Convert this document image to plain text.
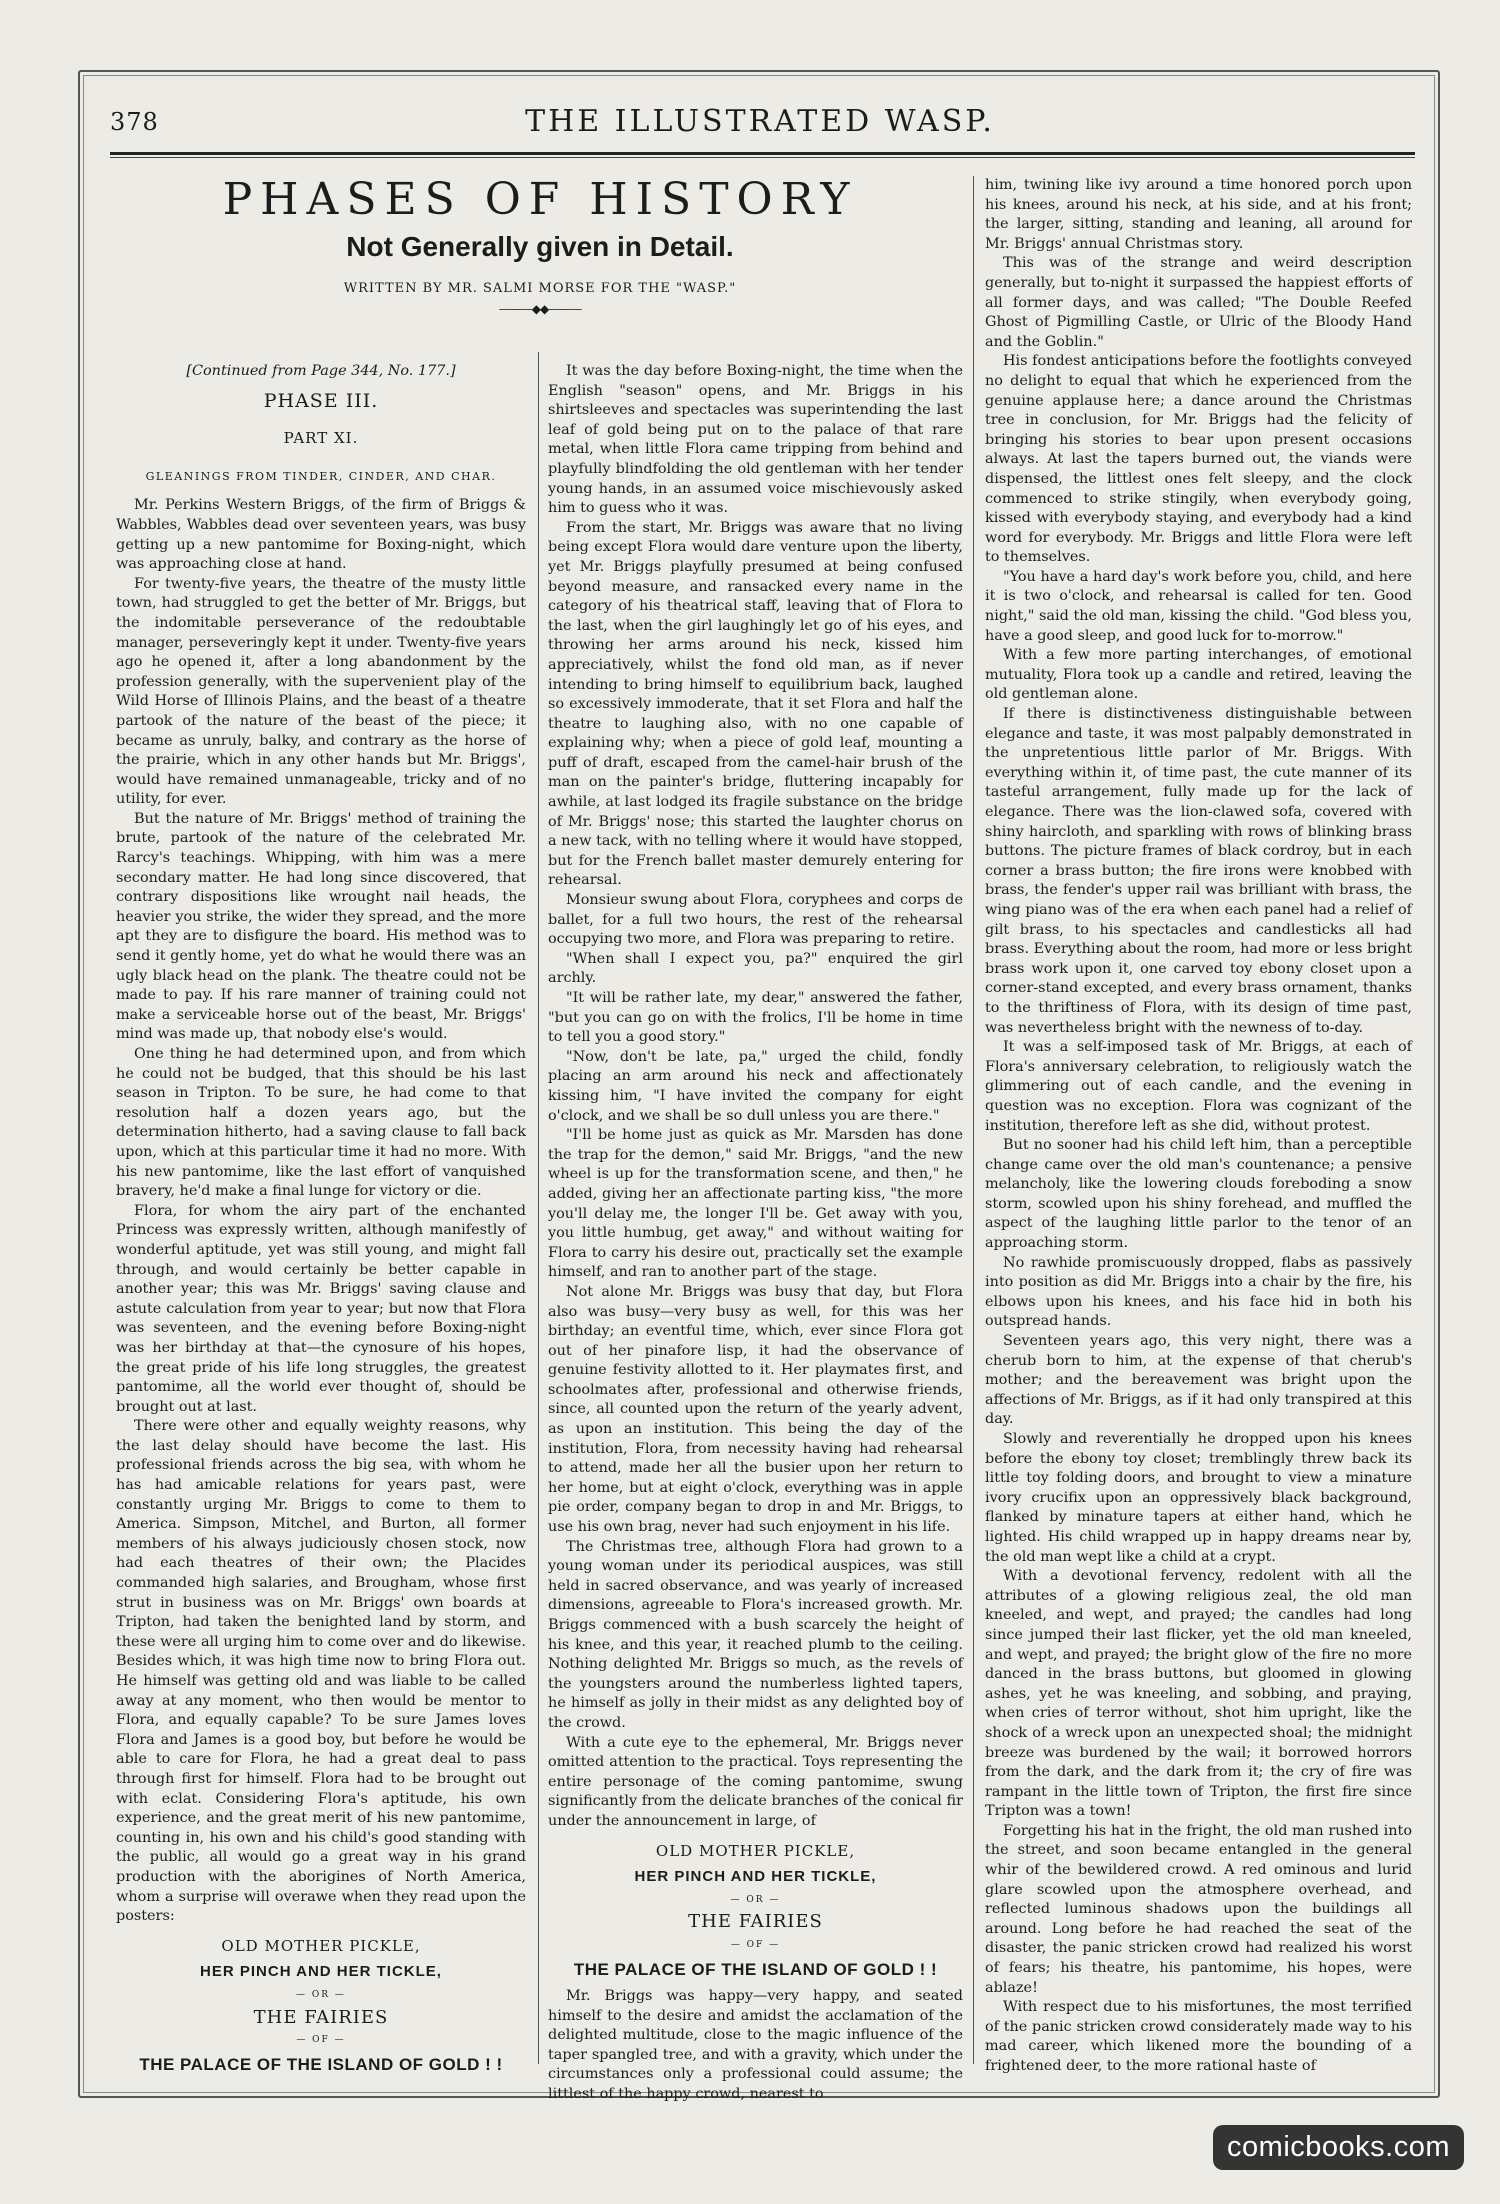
378	THE ILLUSTRATED WASP.
PHASES OF HISTORY
Not Generally given in Detail.
WRITTEN BY MR. SALMI MORSE FOR THE "WASP."
———◆◆———

[Continued from Page 344, No. 177.]

PHASE III.
PART XI.
GLEANINGS FROM TINDER, CINDER, AND CHAR.

Mr. Perkins Western Briggs, of the firm of Briggs & Wabbles, Wabbles dead over seventeen years, was busy getting up a new pantomime for Boxing-night, which was approaching close at hand.

For twenty-five years, the theatre of the musty little town, had struggled to get the better of Mr. Briggs, but the indomitable perseverance of the redoubtable manager, perseveringly kept it under. Twenty-five years ago he opened it, after a long abandonment by the profession generally, with the supervenient play of the Wild Horse of Illinois Plains, and the beast of a theatre partook of the nature of the beast of the piece; it became as unruly, balky, and contrary as the horse of the prairie, which in any other hands but Mr. Briggs', would have remained unmanageable, tricky and of no utility, for ever.

But the nature of Mr. Briggs' method of training the brute, partook of the nature of the celebrated Mr. Rarcy's teachings. Whipping, with him was a mere secondary matter. He had long since discovered, that contrary dispositions like wrought nail heads, the heavier you strike, the wider they spread, and the more apt they are to disfigure the board. His method was to send it gently home, yet do what he would there was an ugly black head on the plank. The theatre could not be made to pay. If his rare manner of training could not make a serviceable horse out of the beast, Mr. Briggs' mind was made up, that nobody else's would.

One thing he had determined upon, and from which he could not be budged, that this should be his last season in Tripton. To be sure, he had come to that resolution half a dozen years ago, but the determination hitherto, had a saving clause to fall back upon, which at this particular time it had no more. With his new pantomime, like the last effort of vanquished bravery, he'd make a final lunge for victory or die.

Flora, for whom the airy part of the enchanted Princess was expressly written, although manifestly of wonderful aptitude, yet was still young, and might fall through, and would certainly be better capable in another year; this was Mr. Briggs' saving clause and astute calculation from year to year; but now that Flora was seventeen, and the evening before Boxing-night was her birthday at that—the cynosure of his hopes, the great pride of his life long struggles, the greatest pantomime, all the world ever thought of, should be brought out at last.

There were other and equally weighty reasons, why the last delay should have become the last. His professional friends across the big sea, with whom he has had amicable relations for years past, were constantly urging Mr. Briggs to come to them to America. Simpson, Mitchel, and Burton, all former members of his always judiciously chosen stock, now had each theatres of their own; the Placides commanded high salaries, and Brougham, whose first strut in business was on Mr. Briggs' own boards at Tripton, had taken the benighted land by storm, and these were all urging him to come over and do likewise. Besides which, it was high time now to bring Flora out. He himself was getting old and was liable to be called away at any moment, who then would be mentor to Flora, and equally capable? To be sure James loves Flora and James is a good boy, but before he would be able to care for Flora, he had a great deal to pass through first for himself. Flora had to be brought out with eclat. Considering Flora's aptitude, his own experience, and the great merit of his new pantomime, counting in, his own and his child's good standing with the public, all would go a great way in his grand production with the aborigines of North America, whom a surprise will overawe when they read upon the posters:

OLD MOTHER PICKLE,
HER PINCH AND HER TICKLE,
— OR —
THE FAIRIES
— OF —
THE PALACE OF THE ISLAND OF GOLD ! !

It was the day before Boxing-night, the time when the English "season" opens, and Mr. Briggs in his shirtsleeves and spectacles was superintending the last leaf of gold being put on to the palace of that rare metal, when little Flora came tripping from behind and playfully blindfolding the old gentleman with her tender young hands, in an assumed voice mischievously asked him to guess who it was.

From the start, Mr. Briggs was aware that no living being except Flora would dare venture upon the liberty, yet Mr. Briggs playfully presumed at being confused beyond measure, and ransacked every name in the category of his theatrical staff, leaving that of Flora to the last, when the girl laughingly let go of his eyes, and throwing her arms around his neck, kissed him appreciatively, whilst the fond old man, as if never intending to bring himself to equilibrium back, laughed so excessively immoderate, that it set Flora and half the theatre to laughing also, with no one capable of explaining why; when a piece of gold leaf, mounting a puff of draft, escaped from the camel-hair brush of the man on the painter's bridge, fluttering incapably for awhile, at last lodged its fragile substance on the bridge of Mr. Briggs' nose; this started the laughter chorus on a new tack, with no telling where it would have stopped, but for the French ballet master demurely entering for rehearsal.

Monsieur swung about Flora, coryphees and corps de ballet, for a full two hours, the rest of the rehearsal occupying two more, and Flora was preparing to retire.

"When shall I expect you, pa?" enquired the girl archly.

"It will be rather late, my dear," answered the father, "but you can go on with the frolics, I'll be home in time to tell you a good story."

"Now, don't be late, pa," urged the child, fondly placing an arm around his neck and affectionately kissing him, "I have invited the company for eight o'clock, and we shall be so dull unless you are there."

"I'll be home just as quick as Mr. Marsden has done the trap for the demon," said Mr. Briggs, "and the new wheel is up for the transformation scene, and then," he added, giving her an affectionate parting kiss, "the more you'll delay me, the longer I'll be. Get away with you, you little humbug, get away," and without waiting for Flora to carry his desire out, practically set the example himself, and ran to another part of the stage.

Not alone Mr. Briggs was busy that day, but Flora also was busy—very busy as well, for this was her birthday; an eventful time, which, ever since Flora got out of her pinafore lisp, it had the observance of genuine festivity allotted to it. Her playmates first, and schoolmates after, professional and otherwise friends, since, all counted upon the return of the yearly advent, as upon an institution. This being the day of the institution, Flora, from necessity having had rehearsal to attend, made her all the busier upon her return to her home, but at eight o'clock, everything was in apple pie order, company began to drop in and Mr. Briggs, to use his own brag, never had such enjoyment in his life.

The Christmas tree, although Flora had grown to a young woman under its periodical auspices, was still held in sacred observance, and was yearly of increased dimensions, agreeable to Flora's increased growth. Mr. Briggs commenced with a bush scarcely the height of his knee, and this year, it reached plumb to the ceiling. Nothing delighted Mr. Briggs so much, as the revels of the youngsters around the numberless lighted tapers, he himself as jolly in their midst as any delighted boy of the crowd.

With a cute eye to the ephemeral, Mr. Briggs never omitted attention to the practical. Toys representing the entire personage of the coming pantomime, swung significantly from the delicate branches of the conical fir under the announcement in large, of

OLD MOTHER PICKLE,
HER PINCH AND HER TICKLE,
— OR —
THE FAIRIES
— OF —
THE PALACE OF THE ISLAND OF GOLD ! !

Mr. Briggs was happy—very happy, and seated himself to the desire and amidst the acclamation of the delighted multitude, close to the magic influence of the taper spangled tree, and with a gravity, which under the circumstances only a professional could assume; the littlest of the happy crowd, nearest to

him, twining like ivy around a time honored porch upon his knees, around his neck, at his side, and at his front; the larger, sitting, standing and leaning, all around for Mr. Briggs' annual Christmas story.

This was of the strange and weird description generally, but to-night it surpassed the happiest efforts of all former days, and was called; "The Double Reefed Ghost of Pigmilling Castle, or Ulric of the Bloody Hand and the Goblin."

His fondest anticipations before the footlights conveyed no delight to equal that which he experienced from the genuine applause here; a dance around the Christmas tree in conclusion, for Mr. Briggs had the felicity of bringing his stories to bear upon present occasions always. At last the tapers burned out, the viands were dispensed, the littlest ones felt sleepy, and the clock commenced to strike stingily, when everybody going, kissed with everybody staying, and everybody had a kind word for everybody. Mr. Briggs and little Flora were left to themselves.

"You have a hard day's work before you, child, and here it is two o'clock, and rehearsal is called for ten. Good night," said the old man, kissing the child. "God bless you, have a good sleep, and good luck for to-morrow."

With a few more parting interchanges, of emotional mutuality, Flora took up a candle and retired, leaving the old gentleman alone.

If there is distinctiveness distinguishable between elegance and taste, it was most palpably demonstrated in the unpretentious little parlor of Mr. Briggs. With everything within it, of time past, the cute manner of its tasteful arrangement, fully made up for the lack of elegance. There was the lion-clawed sofa, covered with shiny haircloth, and sparkling with rows of blinking brass buttons. The picture frames of black cordroy, but in each corner a brass button; the fire irons were knobbed with brass, the fender's upper rail was brilliant with brass, the wing piano was of the era when each panel had a relief of gilt brass, to his spectacles and candlesticks all had brass. Everything about the room, had more or less bright brass work upon it, one carved toy ebony closet upon a corner-stand excepted, and every brass ornament, thanks to the thriftiness of Flora, with its design of time past, was nevertheless bright with the newness of to-day.

It was a self-imposed task of Mr. Briggs, at each of Flora's anniversary celebration, to religiously watch the glimmering out of each candle, and the evening in question was no exception. Flora was cognizant of the institution, therefore left as she did, without protest.

But no sooner had his child left him, than a perceptible change came over the old man's countenance; a pensive melancholy, like the lowering clouds foreboding a snow storm, scowled upon his shiny forehead, and muffled the aspect of the laughing little parlor to the tenor of an approaching storm.

No rawhide promiscuously dropped, flabs as passively into position as did Mr. Briggs into a chair by the fire, his elbows upon his knees, and his face hid in both his outspread hands.

Seventeen years ago, this very night, there was a cherub born to him, at the expense of that cherub's mother; and the bereavement was bright upon the affections of Mr. Briggs, as if it had only transpired at this day.

Slowly and reverentially he dropped upon his knees before the ebony toy closet; tremblingly threw back its little toy folding doors, and brought to view a minature ivory crucifix upon an oppressively black background, flanked by minature tapers at either hand, which he lighted. His child wrapped up in happy dreams near by, the old man wept like a child at a crypt.

With a devotional fervency, redolent with all the attributes of a glowing religious zeal, the old man kneeled, and wept, and prayed; the candles had long since jumped their last flicker, yet the old man kneeled, and wept, and prayed; the bright glow of the fire no more danced in the brass buttons, but gloomed in glowing ashes, yet he was kneeling, and sobbing, and praying, when cries of terror without, shot him upright, like the shock of a wreck upon an unexpected shoal; the midnight breeze was burdened by the wail; it borrowed horrors from the dark, and the dark from it; the cry of fire was rampant in the little town of Tripton, the first fire since Tripton was a town!

Forgetting his hat in the fright, the old man rushed into the street, and soon became entangled in the general whir of the bewildered crowd. A red ominous and lurid glare scowled upon the atmosphere overhead, and reflected luminous shadows upon the buildings all around. Long before he had reached the seat of the disaster, the panic stricken crowd had realized his worst of fears; his theatre, his pantomime, his hopes, were ablaze!

With respect due to his misfortunes, the most terrified of the panic stricken crowd considerately made way to his mad career, which likened more the bounding of a frightened deer, to the more rational haste of

comicbooks.com
